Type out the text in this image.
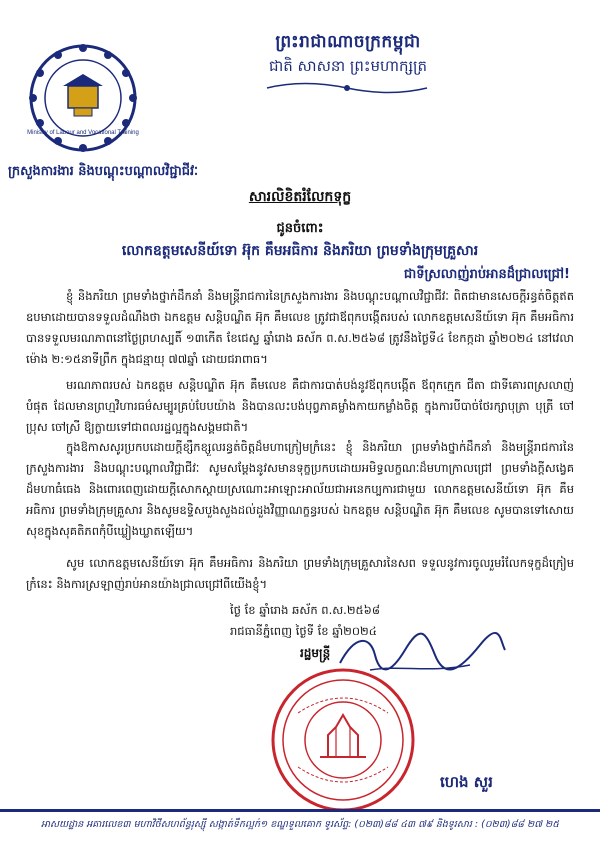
ព្រះរាជាណាចក្រកម្ពុជា
ជាតិ សាសនា ព្រះមហាក្សត្រ
Ministry of Labour and Vocational Training
ក្រសួងការងារ និងបណ្តុះបណ្តាលវិជ្ជាជីវៈ
សារលិខិតរំលែកទុក្ខ
ជូនចំពោះ
លោកឧត្តមសេនីយ៍ទោ អ៊ុក គឹមអធិការ និងភរិយា ព្រមទាំងក្រុមគ្រួសារ
ជាទីស្រលាញ់រាប់អានដ៏ជ្រាលជ្រៅ!
ខ្ញុំ និងភរិយា ព្រមទាំងថ្នាក់ដឹកនាំ និងមន្ត្រីរាជការនៃក្រសួងការងារ និងបណ្តុះបណ្តាលវិជ្ជាជីវៈ ពិតជាមានសេចក្តីរន្ធត់ចិត្តឥតឧបមាដោយបានទទួលដំណឹងថា ឯកឧត្តម សន្តិបណ្ឌិត អ៊ុក គឹមលេខ ត្រូវជាឪពុកបង្កើតរបស់ លោកឧត្តមសេនីយ៍ទោ អ៊ុក គឹមអធិការ បានទទួលមរណភាពនៅថ្ងៃព្រហស្បតិ៍ ១៣កើត ខែជេស្ឋ ឆ្នាំរោង ឆស័ក ព.ស.២៥៦៨ ត្រូវនឹងថ្ងៃទី៤ ខែកក្កដា ឆ្នាំ២០២៤ នៅវេលាម៉ោង ២:១៥នាទីព្រឹក ក្នុងជន្មាយុ ៧៧ឆ្នាំ ដោយជរាពាធ។
មរណភាពរបស់ ឯកឧត្តម សន្តិបណ្ឌិត អ៊ុក គឹមលេខ គឺជាការបាត់បង់នូវឪពុកបង្កើត ឪពុកក្មេក ជីតា ជាទីគោរពស្រលាញ់បំផុត ដែលមានព្រហ្មវិហារធម៌សម្បូរគ្រប់បែបយ៉ាង និងបានលះបង់បុព្វភាគម្លាំងកាយកម្លាំងចិត្ត ក្នុងការបីបាច់ថែរក្សាបុត្រា បុត្រី ចៅប្រុស ចៅស្រី ឱ្យក្លាយទៅជាពលរដ្ឋល្អក្នុងសង្គមជាតិ។
ក្នុងឱកាសសូរប្រកបដោយក្តីខ្សឹកខ្សួលរន្ធត់ចិត្តដ៏មហាក្រៀមក្រំនេះ ខ្ញុំ និងភរិយា ព្រមទាំងថ្នាក់ដឹកនាំ និងមន្ត្រីរាជការនៃក្រសួងការងារ និងបណ្តុះបណ្តាលវិជ្ជាជីវៈ សូមសម្តែងនូវសមានទុក្ខប្រកបដោយអមិទ្ធលក្ខណៈដ៏មហាក្រាលជ្រៅ ព្រមទាំងក្តីសង្វេគដ៏មហាធំធេង និងពោរពេញដោយក្តីសោកស្តាយស្រណោះអាឡោះអាល័យជាអនេកប្បការជាមួយ លោកឧត្តមសេនីយ៍ទោ អ៊ុក គឹមអធិការ ព្រមទាំងក្រុមគ្រួសារ និងសូមឧទ្ទិសបួងសួងដល់ដួងវិញ្ញាណក្ខន្ធរបស់ ឯកឧត្តម សន្តិបណ្ឌិត អ៊ុក គឹមលេខ សូមបានទៅសោយសុខក្នុងសុគតិភពកុំបីឃ្លៀងឃ្លាតឡើយ។
សូម លោកឧត្តមសេនីយ៍ទោ អ៊ុក គឹមអធិការ និងភរិយា ព្រមទាំងក្រុមគ្រួសារនៃសព ទទួលនូវការចូលរួមរំលែកទុក្ខដ៏ក្រៀមក្រំនេះ និងការស្រឡាញ់រាប់អានយ៉ាងជ្រាលជ្រៅពីយើងខ្ញុំ។
ថ្ងៃ ខែ ឆ្នាំរោង ឆស័ក ព.ស.២៥៦៨
រាជធានីភ្នំពេញ ថ្ងៃទី ខែ ឆ្នាំ២០២៤
រដ្ឋមន្ត្រី
ហេង សួរ
អាសយដ្ឋាន អគារលេខ៣ មហាវិថីសហព័ន្ធរុស្ស៊ី សង្កាត់ទឹកល្អក់១ ខណ្ឌទួលគោក ទូរស័ព្ទ: (០២៣)៨៨ ៤៣ ៧៩ និងទូរសារ : (០២៣)៨៨ ២៧ ២៥
